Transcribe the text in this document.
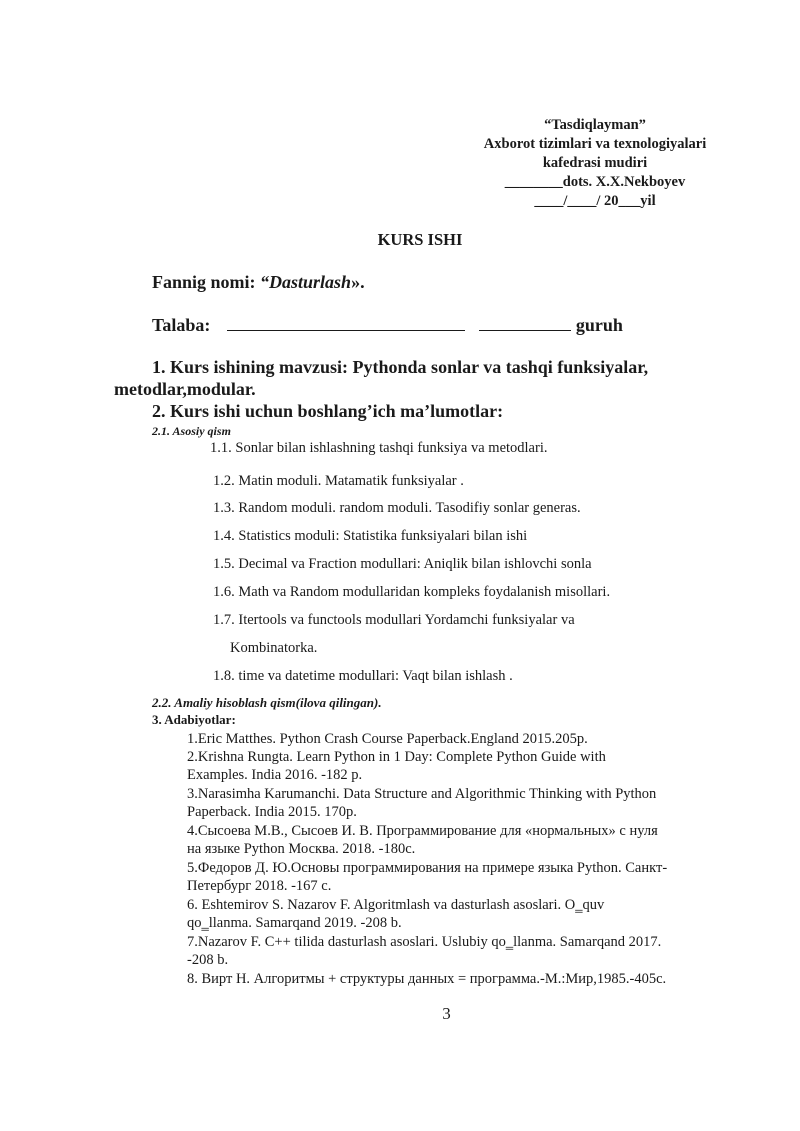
“Tasdiqlayman”
Axborot tizimlari va texnologiyalari
kafedrasi mudiri
________dots. X.X.Nekboyev
____/____/ 20___yil
KURS ISHI
Fannig nomi: “Dasturlash».
Talaba:	guruh
1. Kurs ishining mavzusi: Pythonda sonlar va tashqi funksiyalar,
metodlar,modular.
2. Kurs ishi uchun boshlang’ich ma’lumotlar:
2.1. Asosiy qism
1.1. Sonlar bilan ishlashning tashqi funksiya va metodlari.
1.2. Matin moduli. Matamatik funksiyalar .
1.3. Random moduli. random moduli. Tasodifiy sonlar generas.
1.4. Statistics moduli: Statistika funksiyalari bilan ishi
1.5. Decimal va Fraction modullari: Aniqlik bilan ishlovchi sonla
1.6. Math va Random modullaridan kompleks foydalanish misollari.
1.7. Itertools va functools modullari Yordamchi funksiyalar va
Kombinatorka.
1.8. time va datetime modullari: Vaqt bilan ishlash .
2.2. Amaliy hisoblash qism(ilova qilingan).
3. Adabiyotlar:
1.Eric Matthes. Python Crash Course Paperback.England 2015.205p.
2.Krishna Rungta. Learn Python in 1 Day: Complete Python Guide with
Examples. India 2016. -182 p.
3.Narasimha Karumanchi. Data Structure and Algorithmic Thinking with Python
Paperback. India 2015. 170p.
4.Сысоева М.В., Сысоев И. В. Программирование для «нормальных» с нуля
на языке Python Москва. 2018. -180c.
5.Федоров Д. Ю.Основы программирования на примере языка Python. Санкт-
Петербург 2018. -167 c.
6. Eshtemirov S. Nazarov F. Algoritmlash va dasturlash asoslari. O‗quv
qo‗llanma. Samarqand 2019. -208 b.
7.Nazarov F. C++ tilida dasturlash asoslari. Uslubiy qo‗llanma. Samarqand 2017.
-208 b.
8. Вирт Н. Алгоритмы + структуры данных = программа.-М.:Мир,1985.-405c.
3
